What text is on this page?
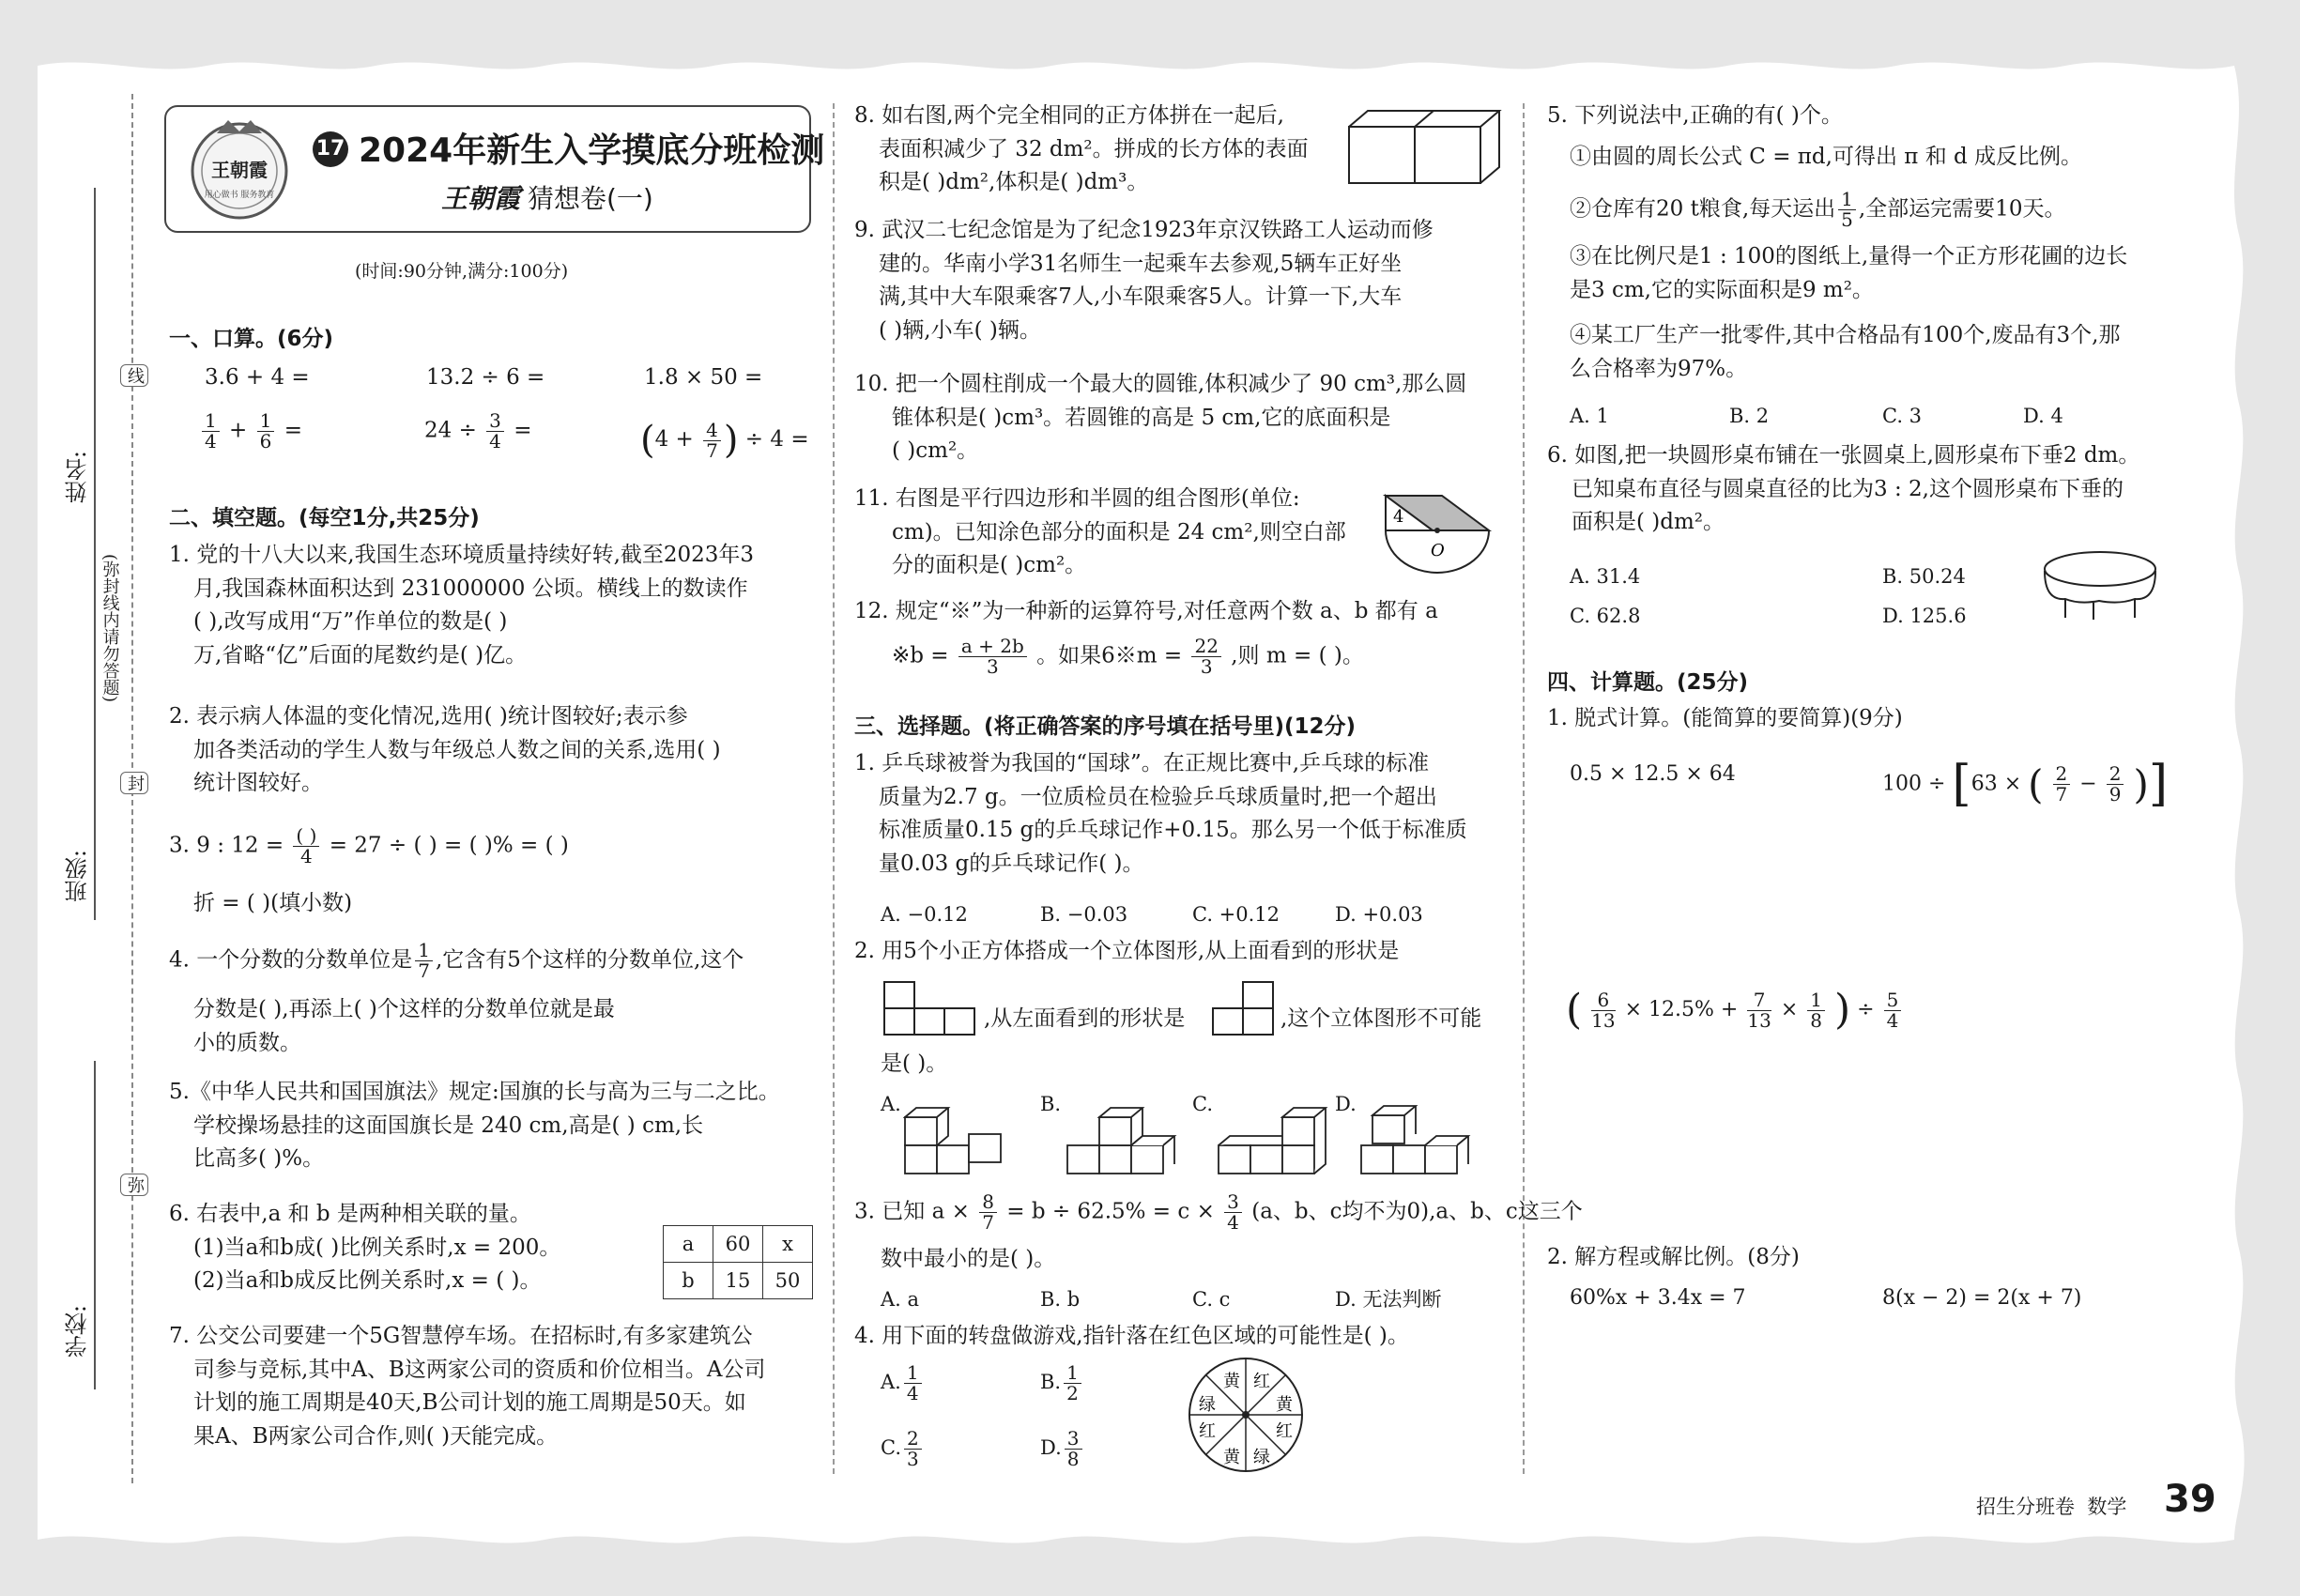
姓名:
班级:
学校:
线
(弥封线内请勿答题)
封
弥
王朝霞
用心做书 服务教育
17 2024年新生入学摸底分班检测
王朝霞 猜想卷(一)
(时间:90分钟,满分:100分)
一、口算。(6分)
3.6 + 4 =	13.2 ÷ 6 =	1.8 × 50 =
$\frac{1}{4} + \frac{1}{6}$ =	$24 \div \frac{3}{4}$ =	($4 + \frac{4}{7}$ ) ÷ 4 =
二、填空题。(每空1分,共25分)
1. 党的十八大以来,我国生态环境质量持续好转,截至2023年3
月,我国森林面积达到 231000000 公顷。横线上的数读作
( ),改写成用“万”作单位的数是( )
万,省略“亿”后面的尾数约是( )亿。
2. 表示病人体温的变化情况,选用( )统计图较好;表示参
加各类活动的学生人数与年级总人数之间的关系,选用( )
统计图较好。
3. 9 : $12 = \frac{( )}{4} = 27$ ÷ ( ) = ( )% = ( )
折 = ( )(填小数)
4. 一个分数的分数单位是 $\frac{1}{7}$ ,它含有5个这样的分数单位,这个
分数是( ),再添上( )个这样的分数单位就是最
小的质数。
5.《中华人民共和国国旗法》规定:国旗的长与高为三与二之比。
学校操场悬挂的这面国旗长是 240 cm,高是( ) cm,长
比高多( )%。
6. 右表中,a 和 b 是两种相关联的量。
(1)当a和b成( )比例关系时,x = 200。
(2)当a和b成反比例关系时,x = ( )。
a	60	x
b	15	50
7. 公交公司要建一个5G智慧停车场。在招标时,有多家建筑公
司参与竞标,其中A、B这两家公司的资质和价位相当。A公司
计划的施工周期是40天,B公司计划的施工周期是50天。如
果A、B两家公司合作,则( )天能完成。
8. 如右图,两个完全相同的正方体拼在一起后,
表面积减少了 32 dm²。拼成的长方体的表面
积是( )dm²,体积是( )dm³。
9. 武汉二七纪念馆是为了纪念1923年京汉铁路工人运动而修
建的。华南小学31名师生一起乘车去参观,5辆车正好坐
满,其中大车限乘客7人,小车限乘客5人。计算一下,大车
( )辆,小车( )辆。
10. 把一个圆柱削成一个最大的圆锥,体积减少了 90 cm³,那么圆
锥体积是( )cm³。若圆锥的高是 5 cm,它的底面积是
( )cm²。
11. 右图是平行四边形和半圆的组合图形(单位:
cm)。已知涂色部分的面积是 24 cm²,则空白部
分的面积是( )cm²。
4
O
12. 规定“※”为一种新的运算符号,对任意两个数 a、b 都有 a
※b = $\frac{a + 2b}{3}$ 。如果6※m = $\frac{22}{3}$ ,则 m = ( )。
三、选择题。(将正确答案的序号填在括号里)(12分)
1. 乒乓球被誉为我国的“国球”。在正规比赛中,乒乓球的标准
质量为2.7 g。一位质检员在检验乒乓球质量时,把一个超出
标准质量0.15 g的乒乓球记作+0.15。那么另一个低于标准质
量0.03 g的乒乓球记作( )。
A. −0.12	B. −0.03	C. +0.12	D. +0.03
2. 用5个小正方体搭成一个立体图形,从上面看到的形状是
,从左面看到的形状是	,这个立体图形不可能
是( )。
A.	B.	C.	D.
3. 已知 $a \times \frac{8}{7} = b \div 62.5\% = c \times \frac{3}{4} (a$、b、c均不为0),a、b、c这三个
数中最小的是( )。
A. a	B. b	C. c	D. 无法判断
4. 用下面的转盘做游戏,指针落在红色区域的可能性是( )。
A. $\frac{1}{4}$	B. $\frac{1}{2}$
C. $\frac{2}{3}$	D. $\frac{3}{8}$
黄 红
黄
红
红
黄
绿
绿
5. 下列说法中,正确的有( )个。
①由圆的周长公式 C = πd,可得出 π 和 d 成反比例。
②仓库有20 t粮食,每天运出 $\frac{1}{5}$ ,全部运完需要10天。
③在比例尺是1 : 100的图纸上,量得一个正方形花圃的边长
是3 cm,它的实际面积是9 m²。
④某工厂生产一批零件,其中合格品有100个,废品有3个,那
么合格率为97%。
A. 1	B. 2	C. 3	D. 4
6. 如图,把一块圆形桌布铺在一张圆桌上,圆形桌布下垂2 dm。
已知桌布直径与圆桌直径的比为3 : 2,这个圆形桌布下垂的
面积是( )dm²。
A. 31.4	B. 50.24
C. 62.8	D. 125.6
四、计算题。(25分)
1. 脱式计算。(能简算的要简算)(9分)
0.5 × 12.5 × 64	100 ÷ [63 × ( $\frac{2}{7} - \frac{2}{9}$ )]
( $\frac{6}{13} \times 12.5\% + \frac{7}{13} \times \frac{1}{8}$ ) ÷ $\frac{5}{4}$
2. 解方程或解比例。(8分)
60%x + 3.4x = 7	8(x − 2) = 2(x + 7)
招生分班卷  数学 39
